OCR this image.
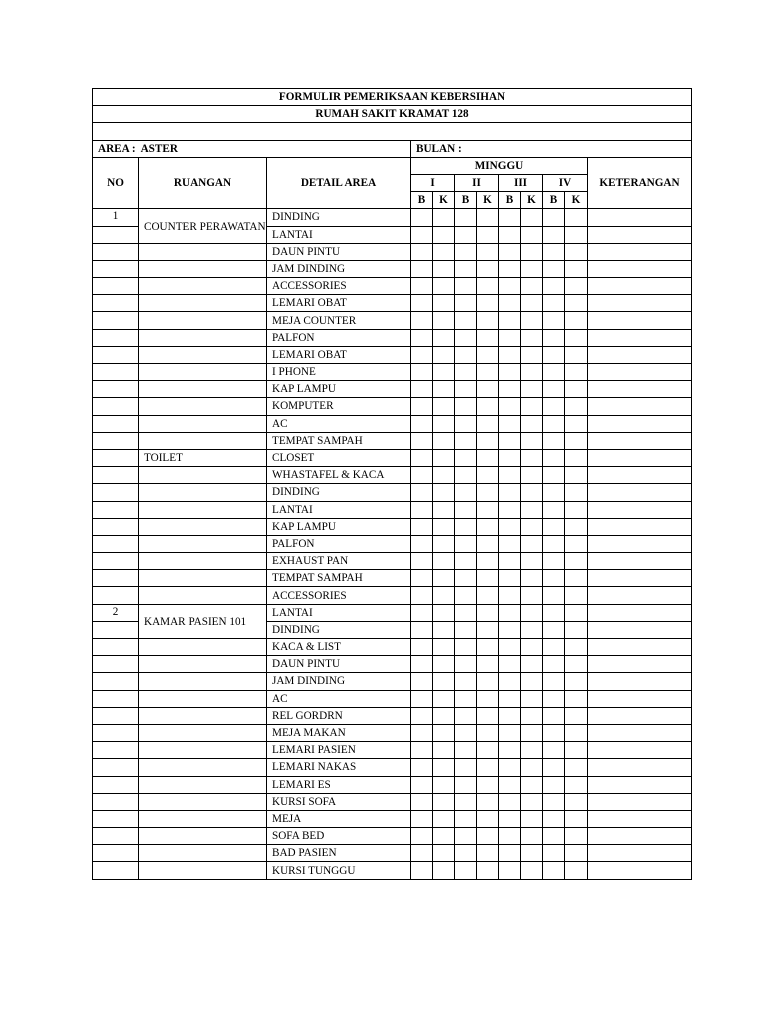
FORMULIR PEMERIKSAAN KEBERSIHAN											
RUMAH SAKIT KRAMAT 128											

AREA : ASTER			BULAN :								
NO	RUANGAN	DETAIL AREA	MINGGU								KETERANGAN
			I		II		III		IV		
			B	K	B	K	B	K	B	K	
1	COUNTER PERAWATAN	DINDING									
		LANTAI									
		DAUN PINTU									
		JAM DINDING									
		ACCESSORIES									
		LEMARI OBAT									
		MEJA COUNTER									
		PALFON									
		LEMARI OBAT									
		I PHONE									
		KAP LAMPU									
		KOMPUTER									
		AC									
		TEMPAT SAMPAH									
	TOILET	CLOSET									
		WHASTAFEL & KACA									
		DINDING									
		LANTAI									
		KAP LAMPU									
		PALFON									
		EXHAUST PAN									
		TEMPAT SAMPAH									
		ACCESSORIES									
2	KAMAR PASIEN 101	LANTAI									
		DINDING									
		KACA & LIST									
		DAUN PINTU									
		JAM DINDING									
		AC									
		REL GORDRN									
		MEJA MAKAN									
		LEMARI PASIEN									
		LEMARI NAKAS									
		LEMARI ES									
		KURSI SOFA									
		MEJA									
		SOFA BED									
		BAD PASIEN									
		KURSI TUNGGU									
